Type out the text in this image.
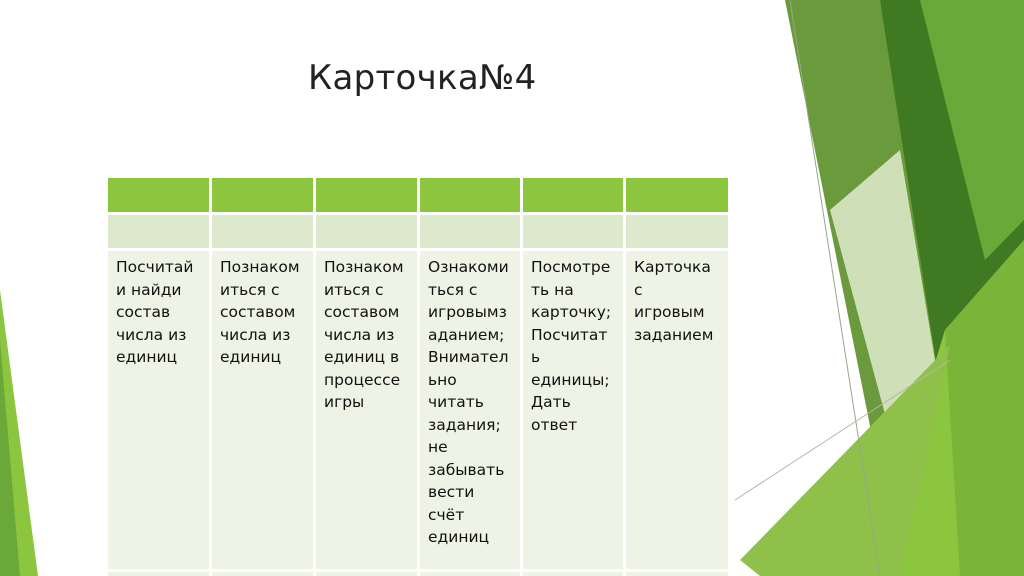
Карточка№4
Посчитай
и найди
состав
числа из
единиц
Познаком
иться с
составом
числа из
единиц
Познаком
иться с
составом
числа из
единиц в
процессе
игры
Ознакоми
ться с
игровымз
аданием;
Внимател
ьно
читать
задания;
не
забывать
вести
счёт
единиц
Посмотре
ть на
карточку;
Посчитат
ь
единицы;
Дать
ответ
Карточка
с
игровым
заданием
